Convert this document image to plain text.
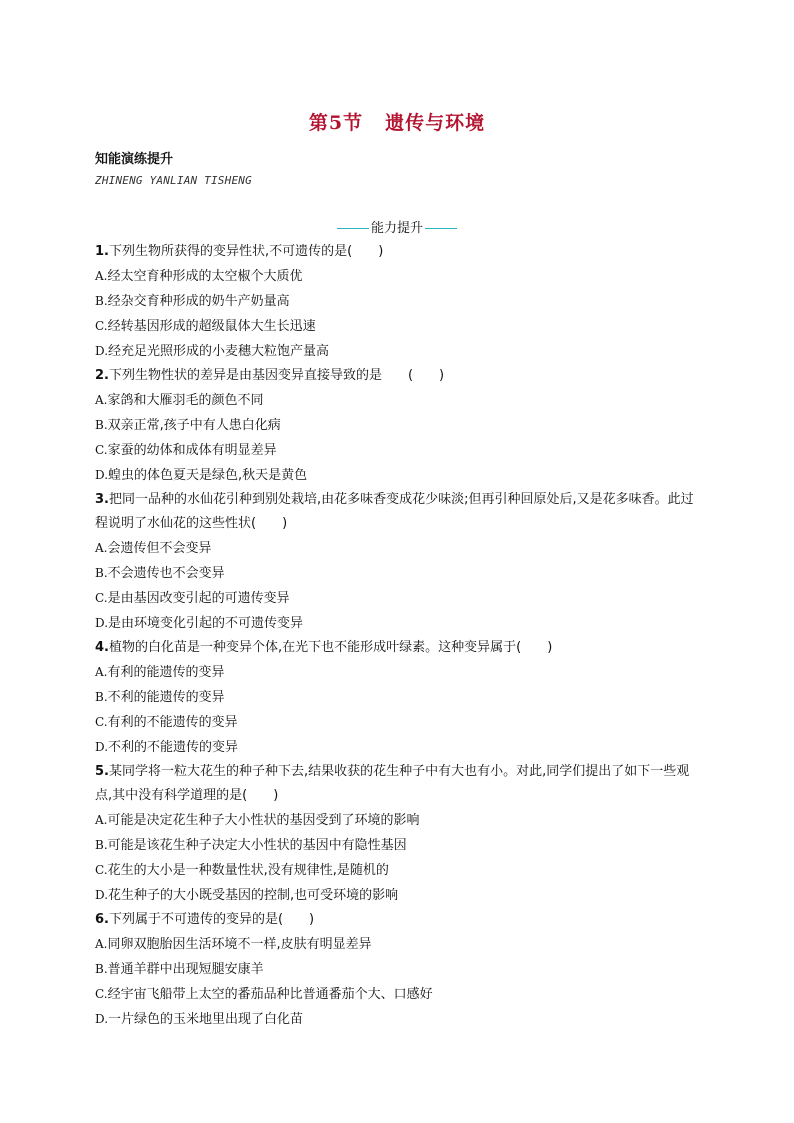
第5节 遗传与环境
知能演练提升
ZHINENG YANLIAN TISHENG
能力提升

1.下列生物所获得的变异性状,不可遗传的是(　　)

A.经太空育种形成的太空椒个大质优

B.经杂交育种形成的奶牛产奶量高

C.经转基因形成的超级鼠体大生长迅速

D.经充足光照形成的小麦穗大粒饱产量高

2.下列生物性状的差异是由基因变异直接导致的是　　(　　)

A.家鸽和大雁羽毛的颜色不同

B.双亲正常,孩子中有人患白化病

C.家蚕的幼体和成体有明显差异

D.蝗虫的体色夏天是绿色,秋天是黄色

3.把同一品种的水仙花引种到别处栽培,由花多味香变成花少味淡;但再引种回原处后,又是花多味香。此过程说明了水仙花的这些性状(　　)

A.会遗传但不会变异

B.不会遗传也不会变异

C.是由基因改变引起的可遗传变异

D.是由环境变化引起的不可遗传变异

4.植物的白化苗是一种变异个体,在光下也不能形成叶绿素。这种变异属于(　　)

A.有利的能遗传的变异

B.不利的能遗传的变异

C.有利的不能遗传的变异

D.不利的不能遗传的变异

5.某同学将一粒大花生的种子种下去,结果收获的花生种子中有大也有小。对此,同学们提出了如下一些观点,其中没有科学道理的是(　　)

A.可能是决定花生种子大小性状的基因受到了环境的影响

B.可能是该花生种子决定大小性状的基因中有隐性基因

C.花生的大小是一种数量性状,没有规律性,是随机的

D.花生种子的大小既受基因的控制,也可受环境的影响

6.下列属于不可遗传的变异的是(　　)

A.同卵双胞胎因生活环境不一样,皮肤有明显差异

B.普通羊群中出现短腿安康羊

C.经宇宙飞船带上太空的番茄品种比普通番茄个大、口感好

D.一片绿色的玉米地里出现了白化苗
